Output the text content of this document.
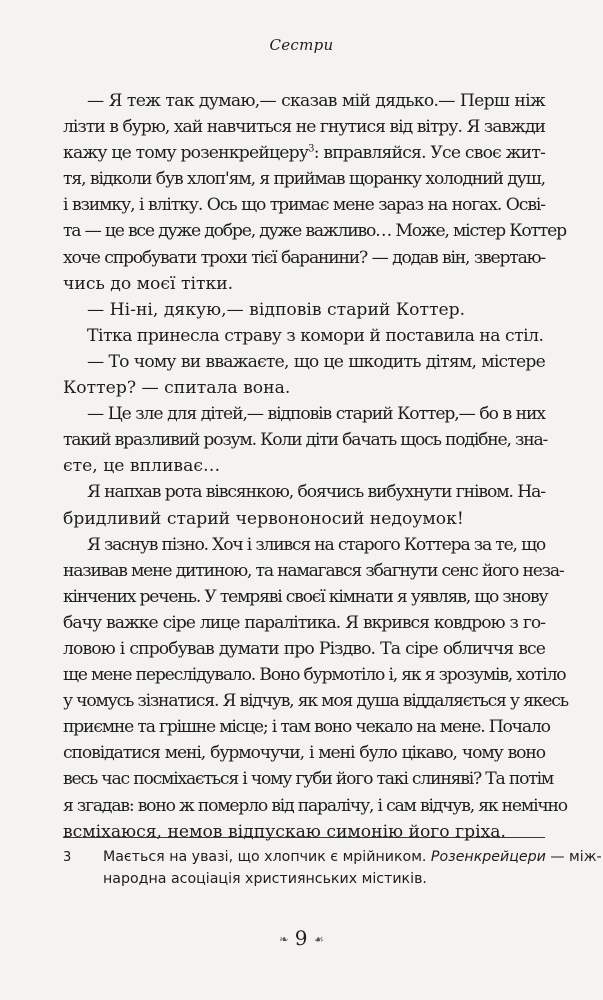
Сестри
— Я теж так думаю,— сказав мій дядько.— Перш ніж
лізти в бурю, хай навчиться не гнутися від вітру. Я завжди
кажу це тому розенкрейцеру$^3$: вправляйся. Усе своє жит-
тя, відколи був хлоп'ям, я приймав щоранку холодний душ,
і взимку, і влітку. Ось що тримає мене зараз на ногах. Осві-
та — це все дуже добре, дуже важливо… Може, містер Коттер
хоче спробувати трохи тієї баранини? — додав він, звертаю-
чись до моєї тітки.
— Ні-ні, дякую,— відповів старий Коттер.
Тітка принесла страву з комори й поставила на стіл.
— То чому ви вважаєте, що це шкодить дітям, містере
Коттер? — спитала вона.
— Це зле для дітей,— відповів старий Коттер,— бо в них
такий вразливий розум. Коли діти бачать щось подібне, зна-
єте, це впливає…
Я напхав рота вівсянкою, боячись вибухнути гнівом. На-
бридливий старий червононосий недоумок!
Я заснув пізно. Хоч і злився на старого Коттера за те, що
називав мене дитиною, та намагався збагнути сенс його неза-
кінчених речень. У темряві своєї кімнати я уявляв, що знову
бачу важке сіре лице паралітика. Я вкрився ковдрою з го-
ловою і спробував думати про Різдво. Та сіре обличчя все
ще мене переслідувало. Воно бурмотіло і, як я зрозумів, хотіло
у чомусь зізнатися. Я відчув, як моя душа віддаляється у якесь
приємне та грішне місце; і там воно чекало на мене. Почало
сповідатися мені, бурмочучи, і мені було цікаво, чому воно
весь час посміхається і чому губи його такі слиняві? Та потім
я згадав: воно ж померло від паралічу, і сам відчув, як немічно
всміхаюся, немов відпускаю симонію його гріха.
3 Мається на увазі, що хлопчик є мрійником. Розенкрейцери — між-
народна асоціація християнських містиків.
❧ 9 ☙
